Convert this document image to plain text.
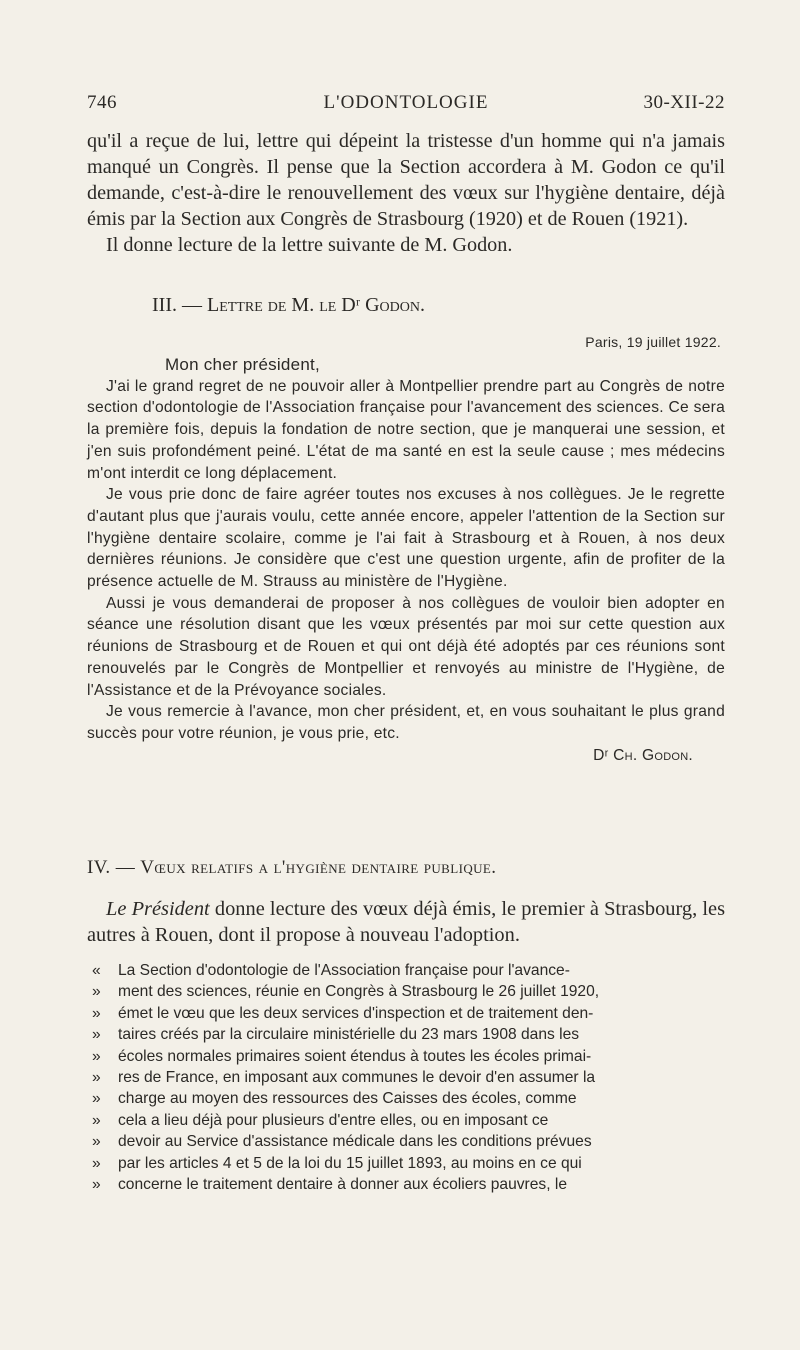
746	L'ODONTOLOGIE	30-XII-22

qu'il a reçue de lui, lettre qui dépeint la tristesse d'un homme qui n'a jamais manqué un Congrès. Il pense que la Section accordera à M. Godon ce qu'il demande, c'est-à-dire le renouvellement des vœux sur l'hygiène dentaire, déjà émis par la Section aux Congrès de Strasbourg (1920) et de Rouen (1921).

Il donne lecture de la lettre suivante de M. Godon.

III. — Lettre de M. le Dʳ Godon.

Paris, 19 juillet 1922.

Mon cher président,

J'ai le grand regret de ne pouvoir aller à Montpellier prendre part au Congrès de notre section d'odontologie de l'Association française pour l'avancement des sciences. Ce sera la première fois, depuis la fondation de notre section, que je manquerai une session, et j'en suis profondément peiné. L'état de ma santé en est la seule cause ; mes médecins m'ont interdit ce long déplacement.

Je vous prie donc de faire agréer toutes nos excuses à nos collègues. Je le regrette d'autant plus que j'aurais voulu, cette année encore, appeler l'attention de la Section sur l'hygiène dentaire scolaire, comme je l'ai fait à Strasbourg et à Rouen, à nos deux dernières réunions. Je considère que c'est une question urgente, afin de profiter de la présence actuelle de M. Strauss au ministère de l'Hygiène.

Aussi je vous demanderai de proposer à nos collègues de vouloir bien adopter en séance une résolution disant que les vœux présentés par moi sur cette question aux réunions de Strasbourg et de Rouen et qui ont déjà été adoptés par ces réunions sont renouvelés par le Congrès de Montpellier et renvoyés au ministre de l'Hygiène, de l'Assistance et de la Prévoyance sociales.

Je vous remercie à l'avance, mon cher président, et, en vous souhaitant le plus grand succès pour votre réunion, je vous prie, etc.

Dʳ Ch. Godon.

IV. — Vœux relatifs a l'hygiène dentaire publique.

Le Président donne lecture des vœux déjà émis, le premier à Strasbourg, les autres à Rouen, dont il propose à nouveau l'adoption.

«	La Section d'odontologie de l'Association française pour l'avance-
»	ment des sciences, réunie en Congrès à Strasbourg le 26 juillet 1920,
»	émet le vœu que les deux services d'inspection et de traitement den-
»	taires créés par la circulaire ministérielle du 23 mars 1908 dans les
»	écoles normales primaires soient étendus à toutes les écoles primai-
»	res de France, en imposant aux communes le devoir d'en assumer la
»	charge au moyen des ressources des Caisses des écoles, comme
»	cela a lieu déjà pour plusieurs d'entre elles, ou en imposant ce
»	devoir au Service d'assistance médicale dans les conditions prévues
»	par les articles 4 et 5 de la loi du 15 juillet 1893, au moins en ce qui
»	concerne le traitement dentaire à donner aux écoliers pauvres, le
